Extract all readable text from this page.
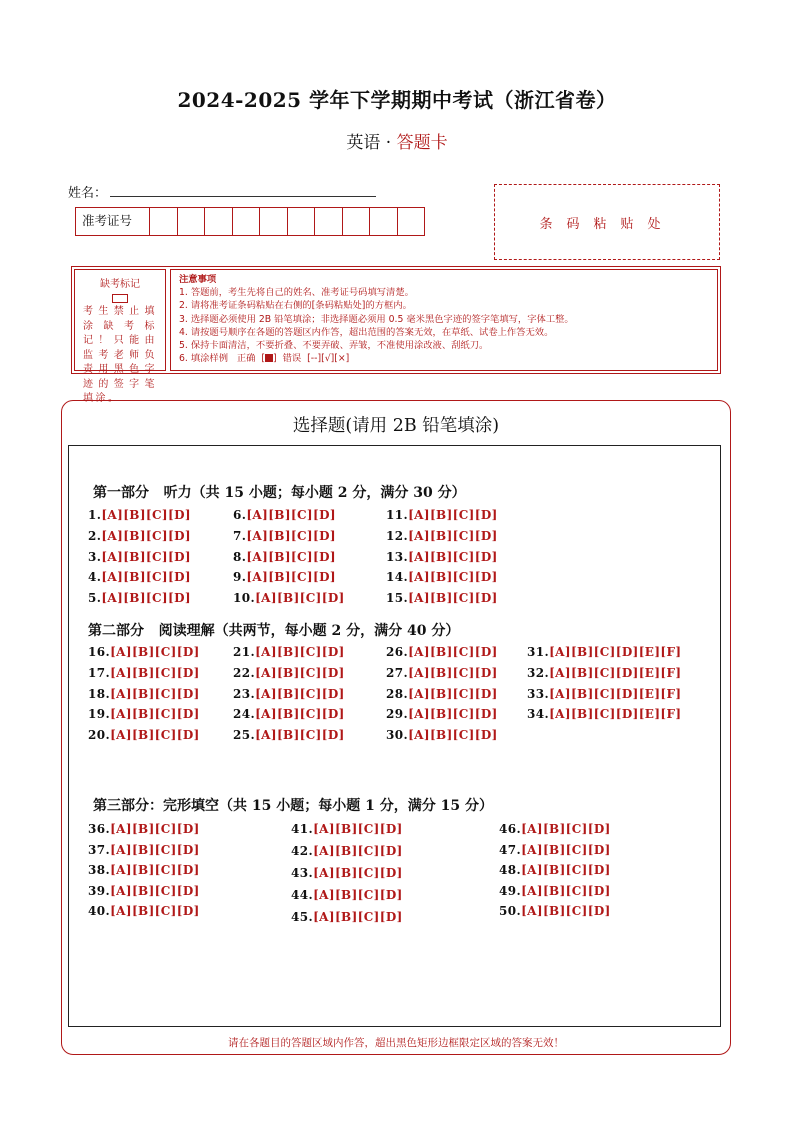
2024-2025 学年下学期期中考试（浙江省卷）
英语 · 答题卡
姓名：
准考证号	条码粘贴处
缺考标记
考生禁止填涂缺考标记！只能由监考老师负责用黑色字迹的签字笔填涂。
注意事项
1. 答题前，考生先将自己的姓名、准考证号码填写清楚。
2. 请将准考证条码粘贴在右侧的[条码粘贴处]的方框内。
3. 选择题必须使用 2B 铅笔填涂；非选择题必须用 0.5 毫米黑色字迹的签字笔填写，字体工整。
4. 请按题号顺序在各题的答题区内作答，超出范围的答案无效，在草纸、试卷上作答无效。
5. 保持卡面清洁，不要折叠、不要弄破、弄皱，不准使用涂改液、刮纸刀。
6. 填涂样例 正确  [ ]  错误 [--][√][×]
选择题(请用 2B 铅笔填涂)
第一部分   听力（共 15 小题；每小题 2 分，满分 30 分）
第二部分   阅读理解（共两节，每小题 2 分，满分 40 分）
第三部分：完形填空（共 15 小题；每小题 1 分，满分 15 分）
1.[A][B][C][D]
2.[A][B][C][D]
3.[A][B][C][D]
4.[A][B][C][D]
5.[A][B][C][D]
6.[A][B][C][D]
7.[A][B][C][D]
8.[A][B][C][D]
9.[A][B][C][D]
10.[A][B][C][D]
11.[A][B][C][D]
12.[A][B][C][D]
13.[A][B][C][D]
14.[A][B][C][D]
15.[A][B][C][D]
16.[A][B][C][D]
17.[A][B][C][D]
18.[A][B][C][D]
19.[A][B][C][D]
20.[A][B][C][D]
21.[A][B][C][D]
22.[A][B][C][D]
23.[A][B][C][D]
24.[A][B][C][D]
25.[A][B][C][D]
26.[A][B][C][D]
27.[A][B][C][D]
28.[A][B][C][D]
29.[A][B][C][D]
30.[A][B][C][D]
31.[A][B][C][D][E][F]
32.[A][B][C][D][E][F]
33.[A][B][C][D][E][F]
34.[A][B][C][D][E][F]
36.[A][B][C][D]
37.[A][B][C][D]
38.[A][B][C][D]
39.[A][B][C][D]
40.[A][B][C][D]
41.[A][B][C][D]
42.[A][B][C][D]
43.[A][B][C][D]
44.[A][B][C][D]
45.[A][B][C][D]
46.[A][B][C][D]
47.[A][B][C][D]
48.[A][B][C][D]
49.[A][B][C][D]
50.[A][B][C][D]
请在各题目的答题区域内作答，超出黑色矩形边框限定区域的答案无效！
